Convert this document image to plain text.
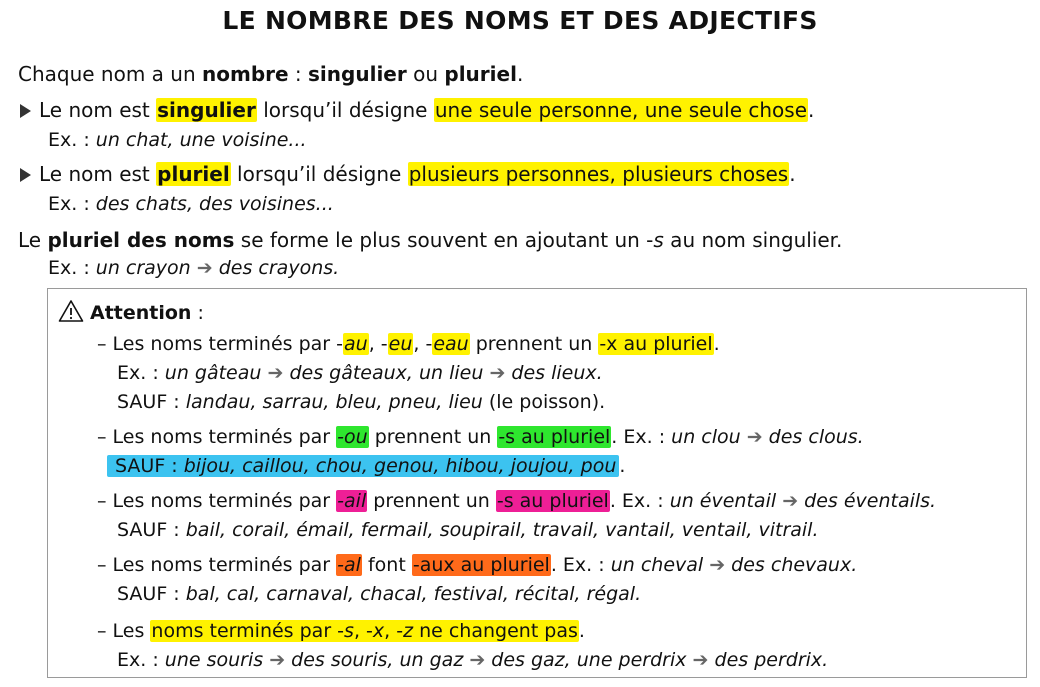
LE NOMBRE DES NOMS ET DES ADJECTIFS
Chaque nom a un nombre : singulier ou pluriel.
Le nom est singulier lorsqu’il désigne une seule personne, une seule chose.
Ex. : un chat, une voisine...
Le nom est pluriel lorsqu’il désigne plusieurs personnes, plusieurs choses.
Ex. : des chats, des voisines...
Le pluriel des noms se forme le plus souvent en ajoutant un -s au nom singulier.
Ex. : un crayon ➔ des crayons.
Attention :
– Les noms terminés par -au, -eu, -eau prennent un -x au pluriel.
Ex. : un gâteau ➔ des gâteaux, un lieu ➔ des lieux.
SAUF : landau, sarrau, bleu, pneu, lieu (le poisson).
– Les noms terminés par -ou prennent un -s au pluriel. Ex. : un clou ➔ des clous.
SAUF : bijou, caillou, chou, genou, hibou, joujou, pou .
– Les noms terminés par -ail prennent un -s au pluriel. Ex. : un éventail ➔ des éventails.
SAUF : bail, corail, émail, fermail, soupirail, travail, vantail, ventail, vitrail.
– Les noms terminés par -al font -aux au pluriel. Ex. : un cheval ➔ des chevaux.
SAUF : bal, cal, carnaval, chacal, festival, récital, régal.
– Les noms terminés par -s, -x, -z ne changent pas.
Ex. : une souris ➔ des souris, un gaz ➔ des gaz, une perdrix ➔ des perdrix.
